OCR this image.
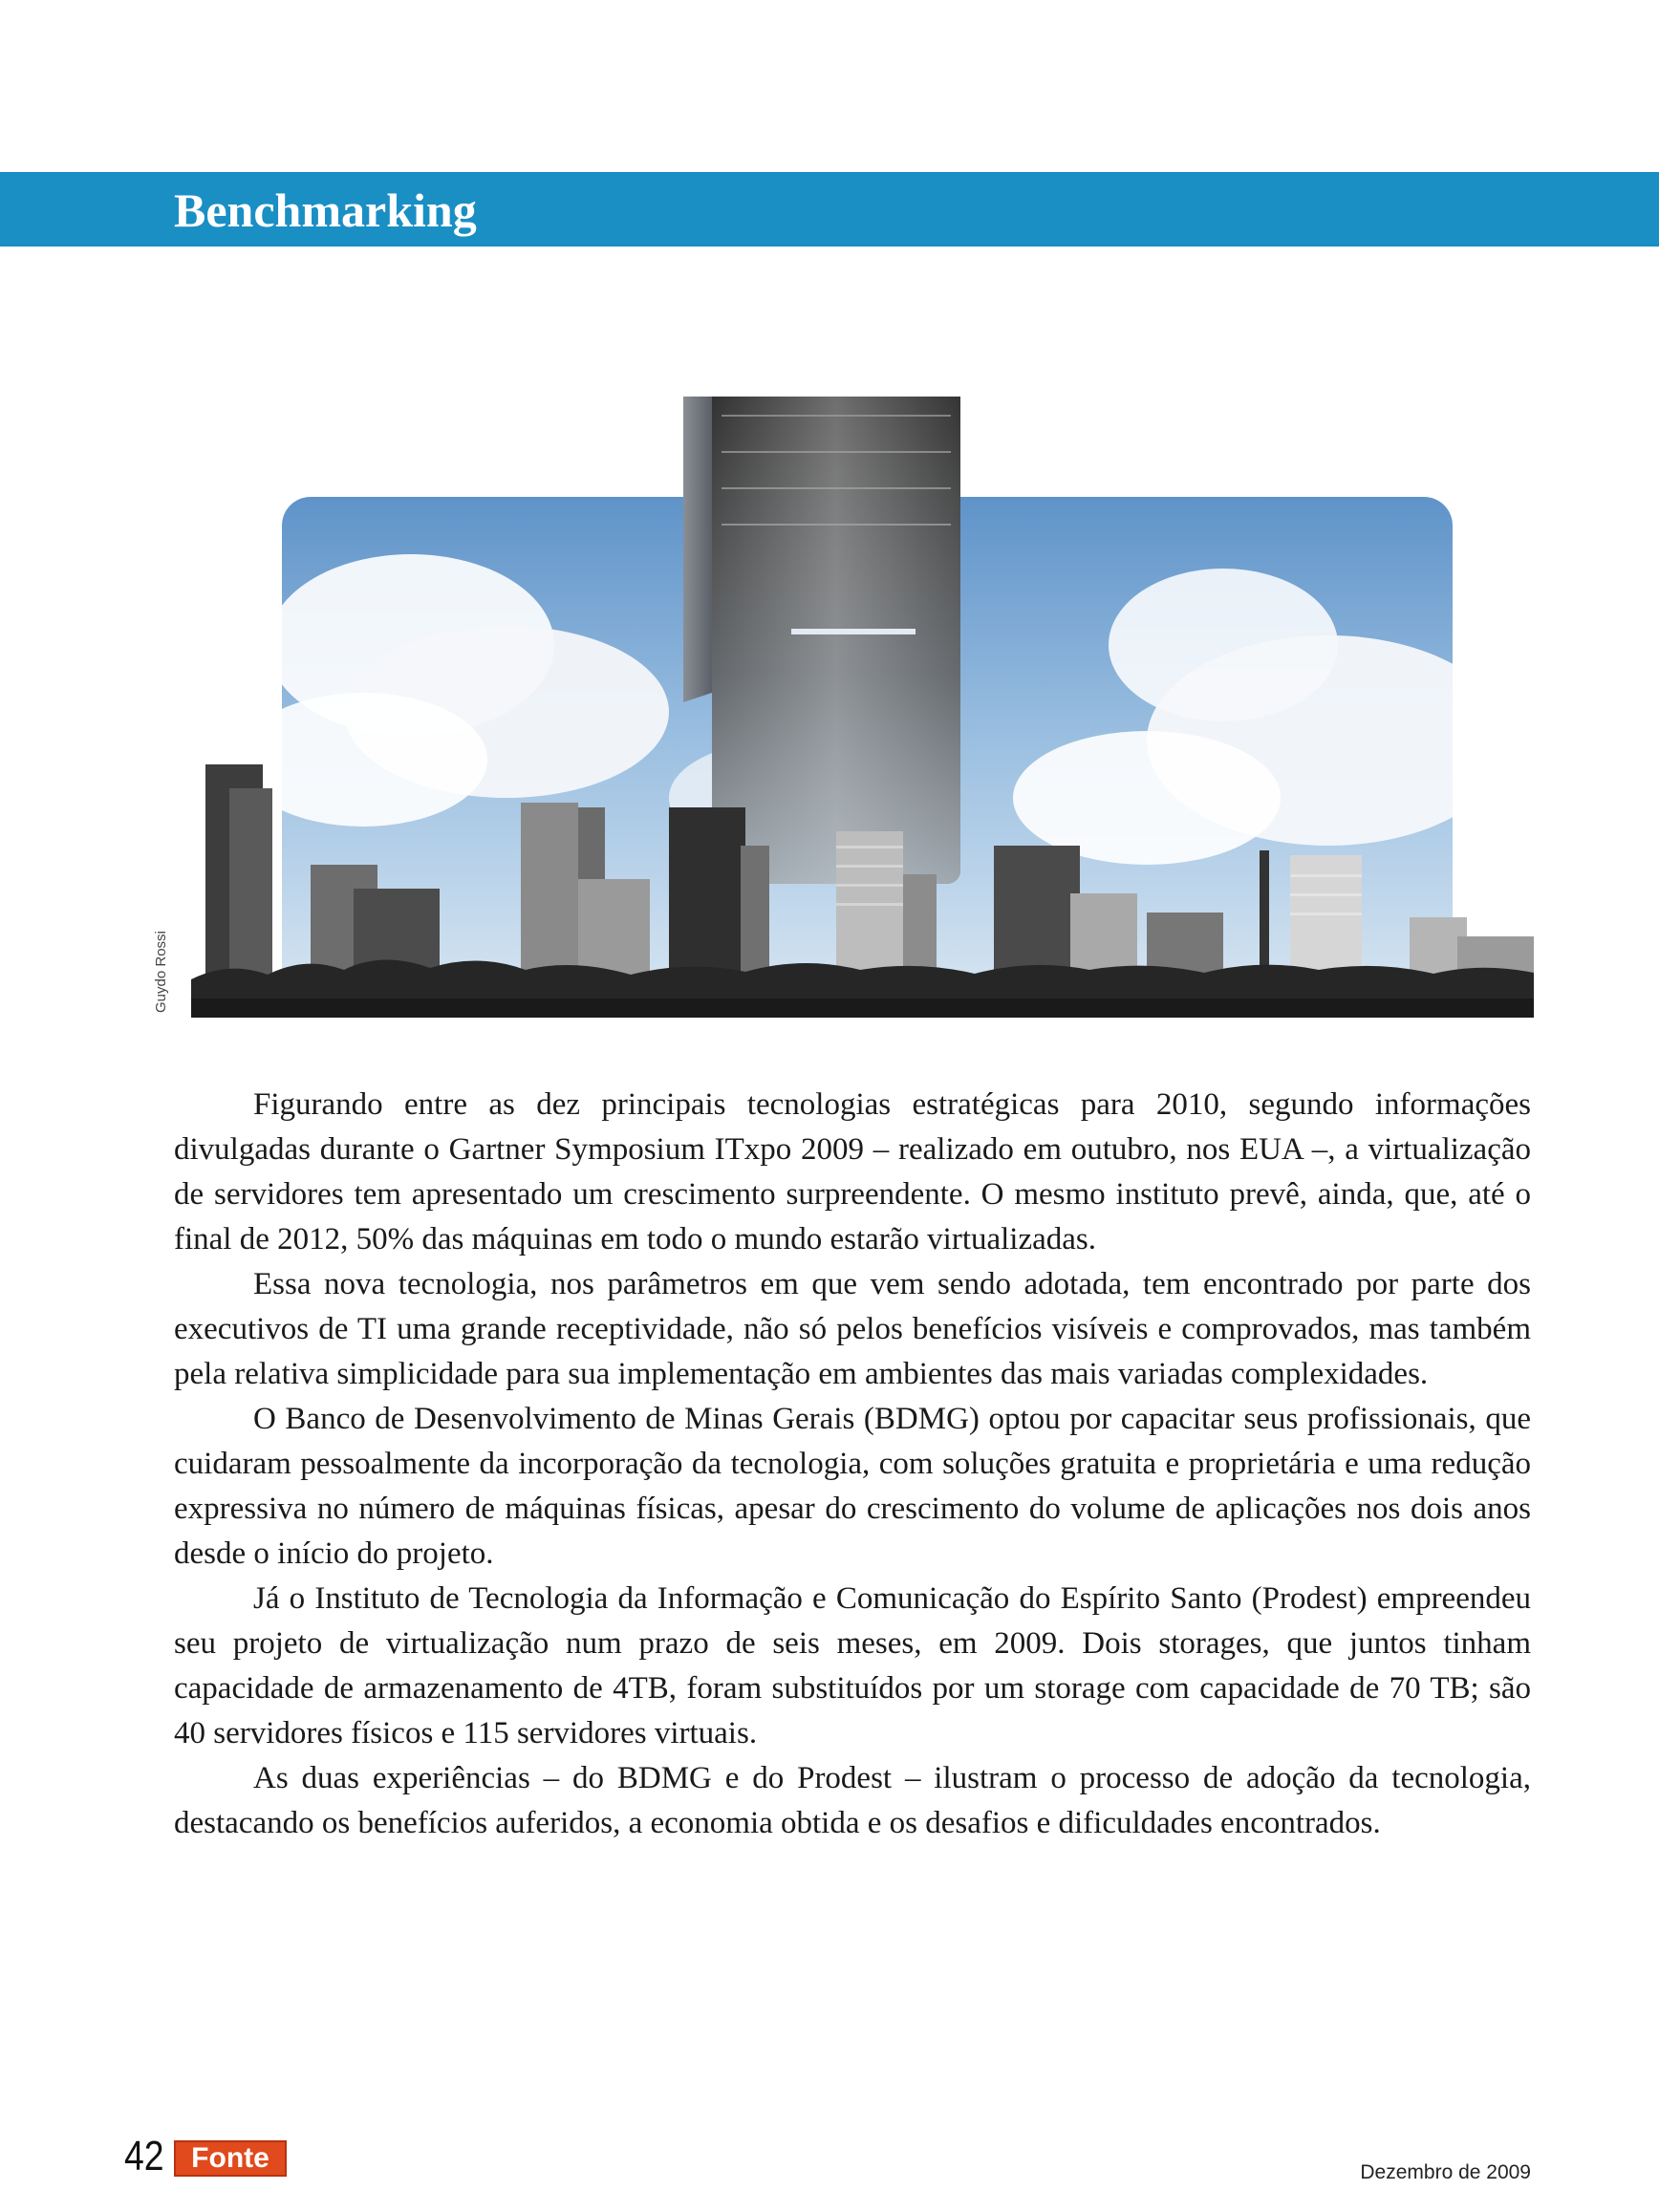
Benchmarking
Guydo Rossi

Figurando entre as dez principais tecnologias estratégicas para 2010, segundo informações divulgadas durante o Gartner Symposium ITxpo 2009 – realizado em outubro, nos EUA –, a virtualização de servidores tem apresentado um crescimento surpreendente. O mesmo instituto prevê, ainda, que, até o final de 2012, 50% das máquinas em todo o mundo estarão virtualizadas.

Essa nova tecnologia, nos parâmetros em que vem sendo adotada, tem encontrado por parte dos executivos de TI uma grande receptividade, não só pelos benefícios visíveis e comprovados, mas também pela relativa simplicidade para sua implementação em ambientes das mais variadas complexidades.

O Banco de Desenvolvimento de Minas Gerais (BDMG) optou por capacitar seus profissionais, que cuidaram pessoalmente da incorporação da tecnologia, com soluções gratuita e proprietária e uma redução expressiva no número de máquinas físicas, apesar do crescimento do volume de aplicações nos dois anos desde o início do projeto.

Já o Instituto de Tecnologia da Informação e Comunicação do Espírito Santo (Prodest) empreendeu seu projeto de virtualização num prazo de seis meses, em 2009. Dois storages, que juntos tinham capacidade de armazenamento de 4TB, foram substituídos por um storage com capacidade de 70 TB; são 40 servidores físicos e 115 servidores virtuais.

As duas experiências – do BDMG e do Prodest – ilustram o processo de adoção da tecnologia, destacando os benefícios auferidos, a economia obtida e os desafios e dificuldades encontrados.

42 Fonte	Dezembro de 2009
